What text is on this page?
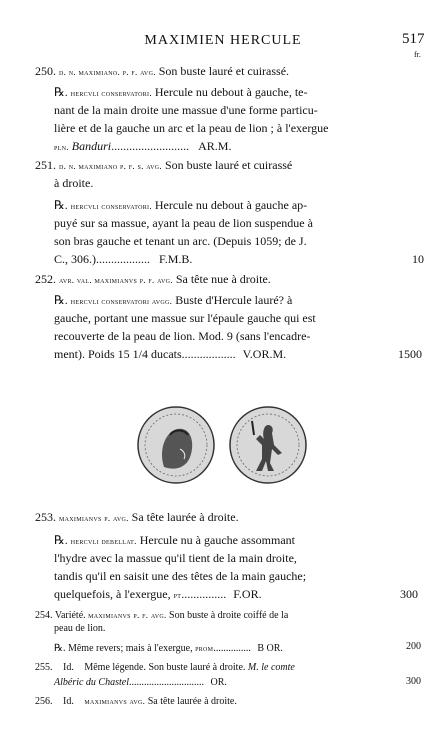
MAXIMIEN HERCULE	517
fr.
250. d. n. maximiano. p. f. avg. Son buste lauré et cuirassé.
℞. hercvli conservatori. Hercule nu debout à gauche, te-
nant de la main droite une massue d'une forme particu-
lière et de la gauche un arc et la peau de lion ; à l'exergue
pln. Banduri.......................... AR.M.
251. d. n. maximiano p. f. s. avg. Son buste lauré et cuirassé
à droite.
℞. hercvli conservatori. Hercule nu debout à gauche ap-
puyé sur sa massue, ayant la peau de lion suspendue à
son bras gauche et tenant un arc. (Depuis 1059; de J.
C., 306.).................. F.M.B.	10
252. avr. val. maximianvs p. f. avg. Sa tête nue à droite.
℞. hercvli conservatori avgg. Buste d'Hercule lauré? à
gauche, portant une massue sur l'épaule gauche qui est
recouverte de la peau de lion. Mod. 9 (sans l'encadre-
ment). Poids 15 1/4 ducats.................. V.OR.M.	1500
253. maximianvs p. avg. Sa tête laurée à droite.
℞. hercvli debellat. Hercule nu à gauche assommant
l'hydre avec la massue qu'il tient de la main droite,
tandis qu'il en saisit une des têtes de la main gauche;
quelquefois, à l'exergue, pt............... F.OR.	300
254. Variété. maximianvs p. f. avg. Son buste à droite coiffé de la
peau de lion.
℞. Même revers; mais à l'exergue, prom............... B OR.	200
255. Id. Même légende. Son buste lauré à droite. M. le comte
Albéric du Chastel.............................. OR.	300
256. Id. maximianvs avg. Sa tête laurée à droite.
